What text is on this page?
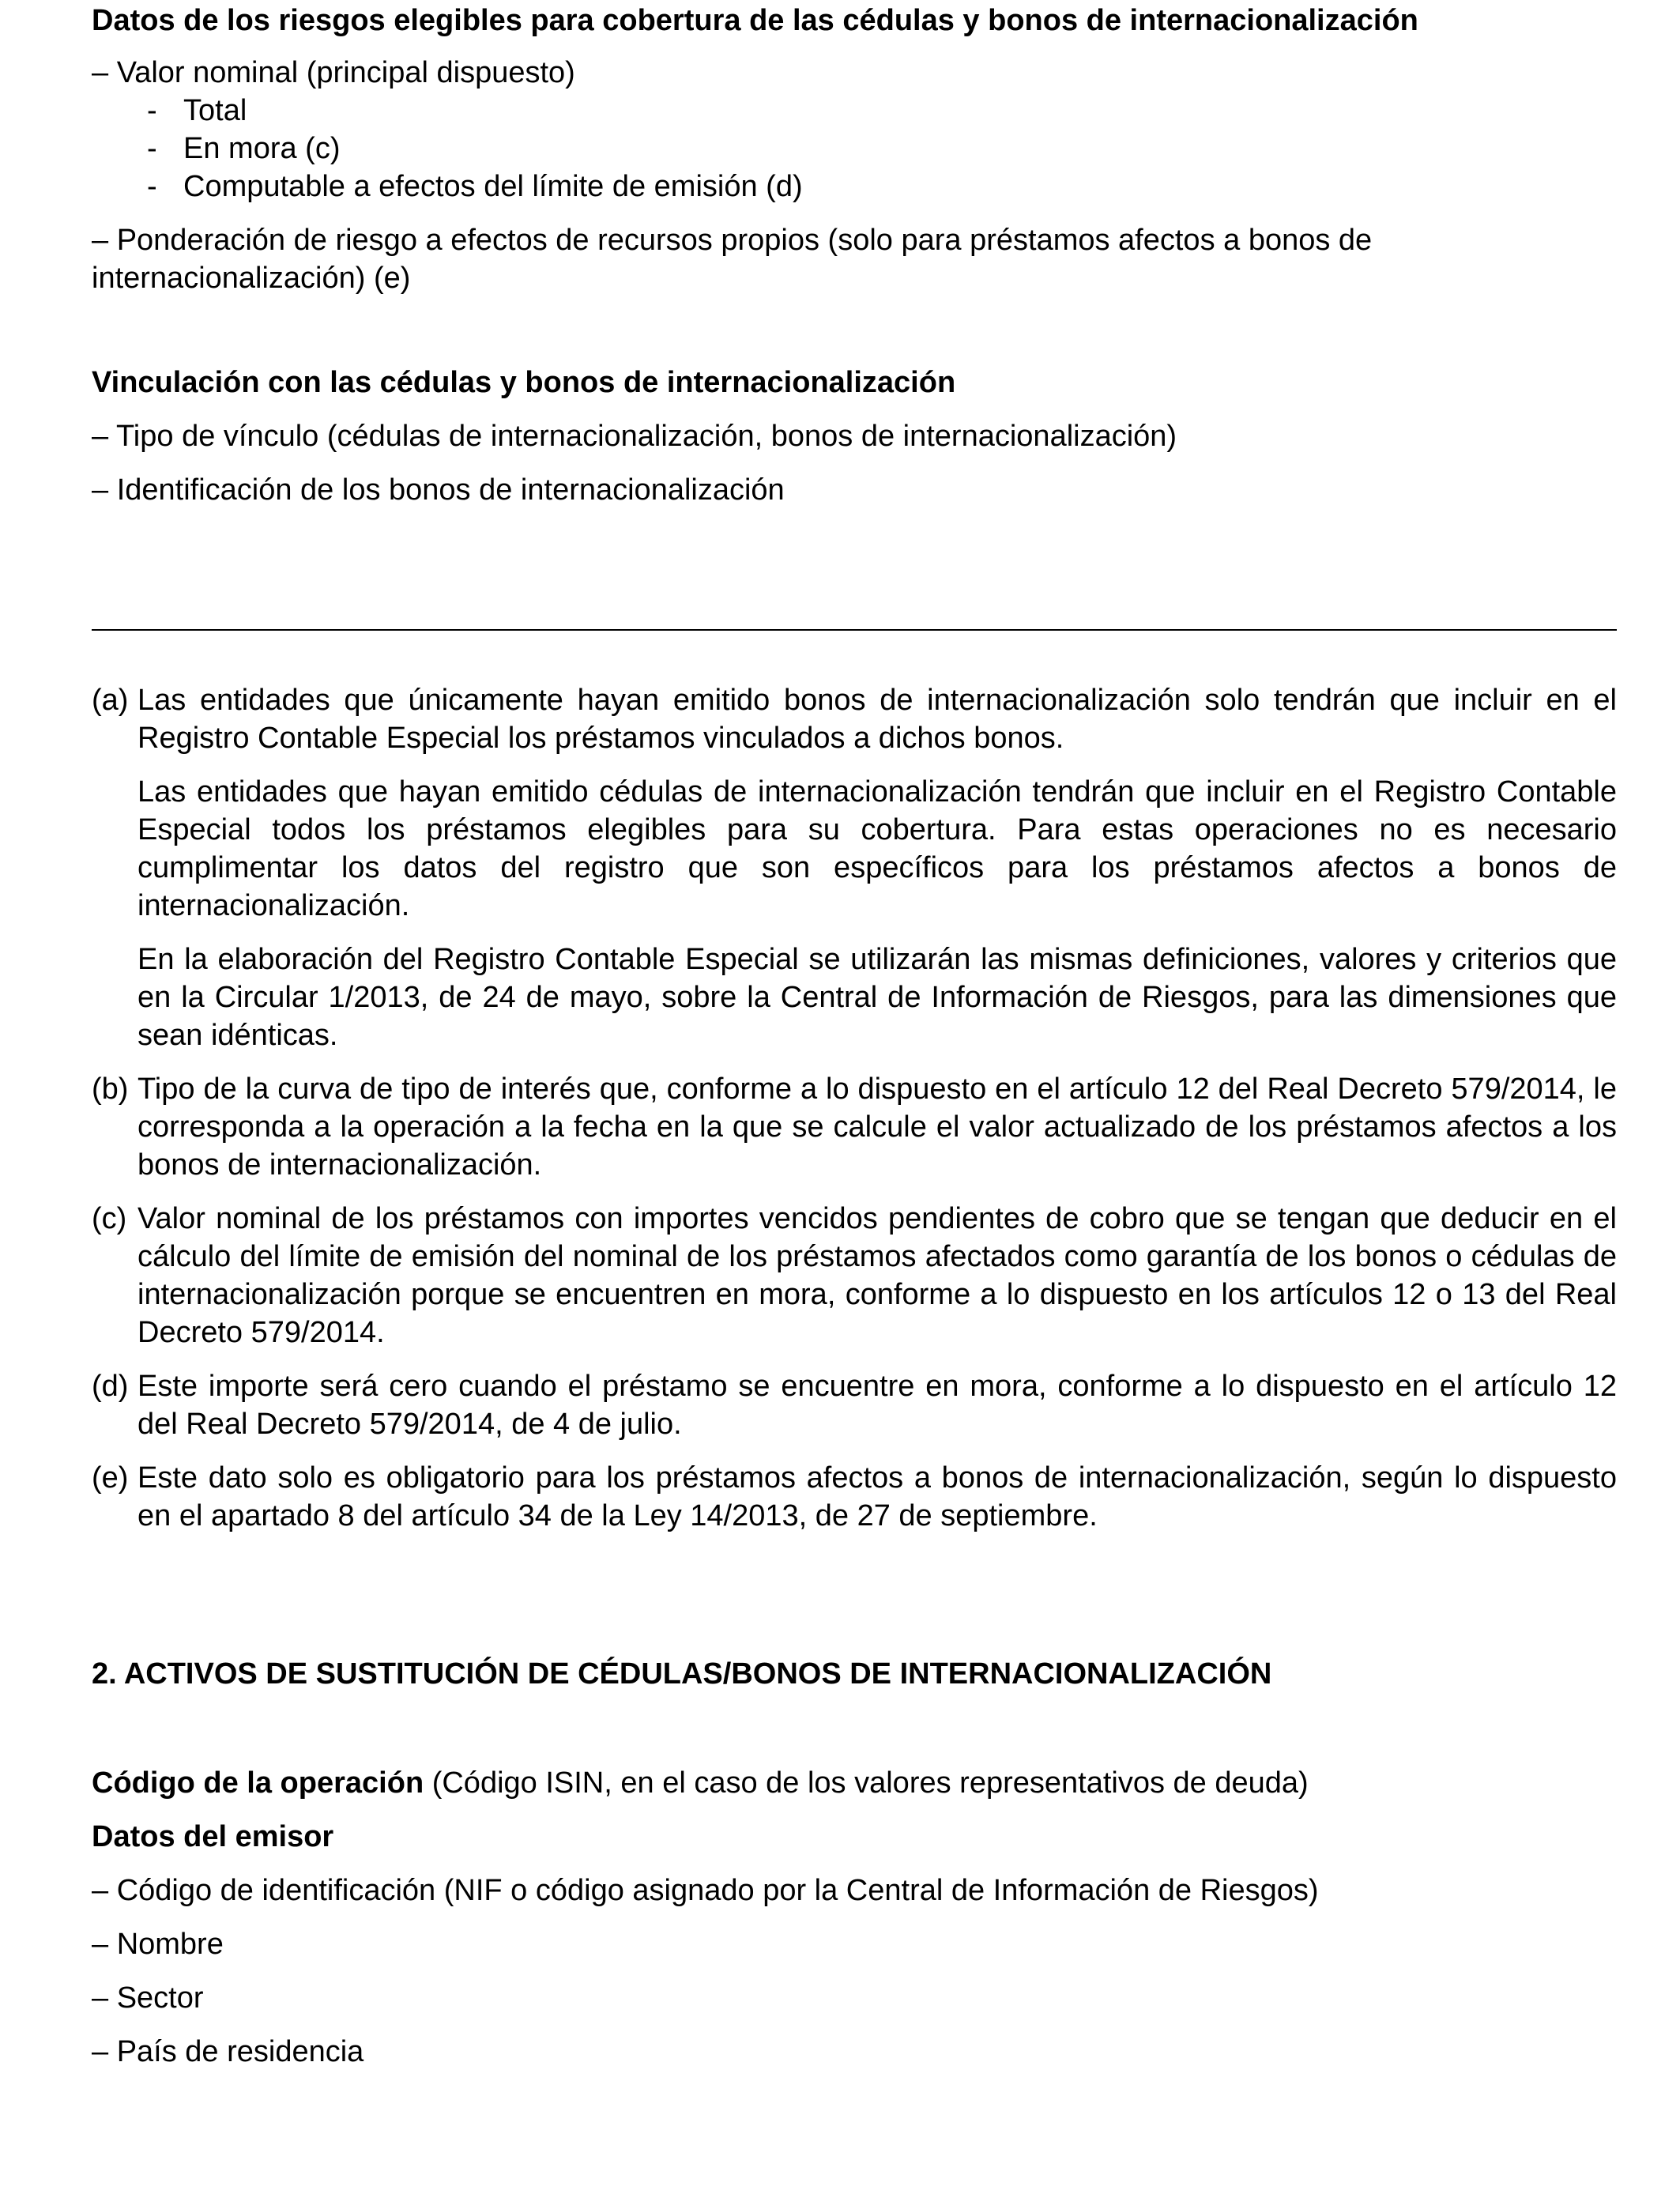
Datos de los riesgos elegibles para cobertura de las cédulas y bonos de internacionalización
– Valor nominal (principal dispuesto)
- Total
- En mora (c)
- Computable a efectos del límite de emisión (d)
– Ponderación de riesgo a efectos de recursos propios (solo para préstamos afectos a bonos de
internacionalización) (e)
Vinculación con las cédulas y bonos de internacionalización
– Tipo de vínculo (cédulas de internacionalización, bonos de internacionalización)
– Identificación de los bonos de internacionalización
(a) Las entidades que únicamente hayan emitido bonos de internacionalización solo tendrán que incluir en el Registro Contable Especial los préstamos vinculados a dichos bonos.
Las entidades que hayan emitido cédulas de internacionalización tendrán que incluir en el Registro Contable Especial todos los préstamos elegibles para su cobertura. Para estas operaciones no es necesario cumplimentar los datos del registro que son específicos para los préstamos afectos a bonos de internacionalización.
En la elaboración del Registro Contable Especial se utilizarán las mismas definiciones, valores y criterios que en la Circular 1/2013, de 24 de mayo, sobre la Central de Información de Riesgos, para las dimensiones que sean idénticas.
(b) Tipo de la curva de tipo de interés que, conforme a lo dispuesto en el artículo 12 del Real Decreto 579/2014, le corresponda a la operación a la fecha en la que se calcule el valor actualizado de los préstamos afectos a los bonos de internacionalización.
(c) Valor nominal de los préstamos con importes vencidos pendientes de cobro que se tengan que deducir en el cálculo del límite de emisión del nominal de los préstamos afectados como garantía de los bonos o cédulas de internacionalización porque se encuentren en mora, conforme a lo dispuesto en los artículos 12 o 13 del Real Decreto 579/2014.
(d) Este importe será cero cuando el préstamo se encuentre en mora, conforme a lo dispuesto en el artículo 12 del Real Decreto 579/2014, de 4 de julio.
(e) Este dato solo es obligatorio para los préstamos afectos a bonos de internacionalización, según lo dispuesto en el apartado 8 del artículo 34 de la Ley 14/2013, de 27 de septiembre.
2. ACTIVOS DE SUSTITUCIÓN DE CÉDULAS/BONOS DE INTERNACIONALIZACIÓN
Código de la operación (Código ISIN, en el caso de los valores representativos de deuda)
Datos del emisor
– Código de identificación (NIF o código asignado por la Central de Información de Riesgos)
– Nombre
– Sector
– País de residencia
